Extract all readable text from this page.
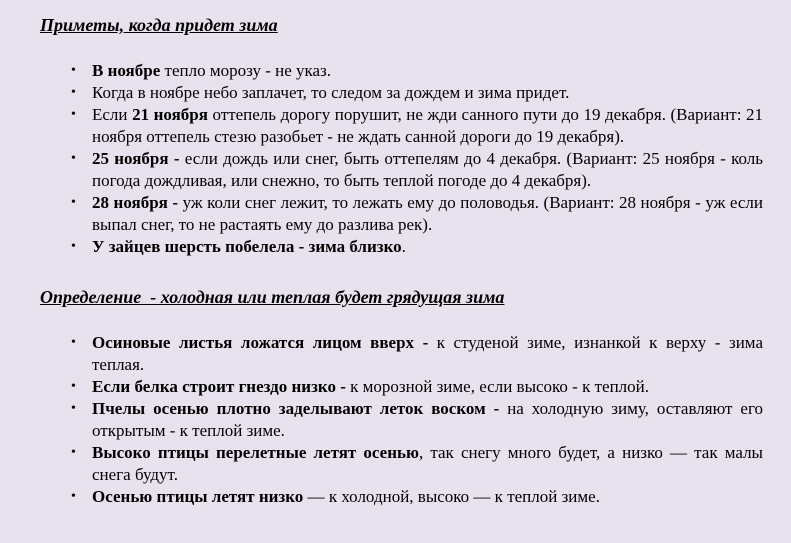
Приметы, когда придет зима
• В ноябре тепло морозу - не указ.
• Когда в ноябре небо заплачет, то следом за дождем и зима придет.
• Если 21 ноября оттепель дорогу порушит, не жди санного пути до 19 декабря. (Вариант: 21 ноября оттепель стезю разобьет - не ждать санной дороги до 19 декабря).
• 25 ноября - если дождь или снег, быть оттепелям до 4 декабря. (Вариант: 25 ноября - коль погода дождливая, или снежно, то быть теплой погоде до 4 декабря).
• 28 ноября - уж коли снег лежит, то лежать ему до половодья. (Вариант: 28 ноября - уж если выпал снег, то не растаять ему до разлива рек).
• У зайцев шерсть побелела - зима близко.
Определение  - холодная или теплая будет грядущая зима
• Осиновые листья ложатся лицом вверх - к студеной зиме, изнанкой к верху - зима теплая.
• Если белка строит гнездо низко - к морозной зиме, если высоко - к теплой.
• Пчелы осенью плотно заделывают леток воском - на холодную зиму, оставляют его открытым - к теплой зиме.
• Высоко птицы перелетные летят осенью, так снегу много будет, а низко — так малы снега будут.
• Осенью птицы летят низко — к холодной, высоко — к теплой зиме.
